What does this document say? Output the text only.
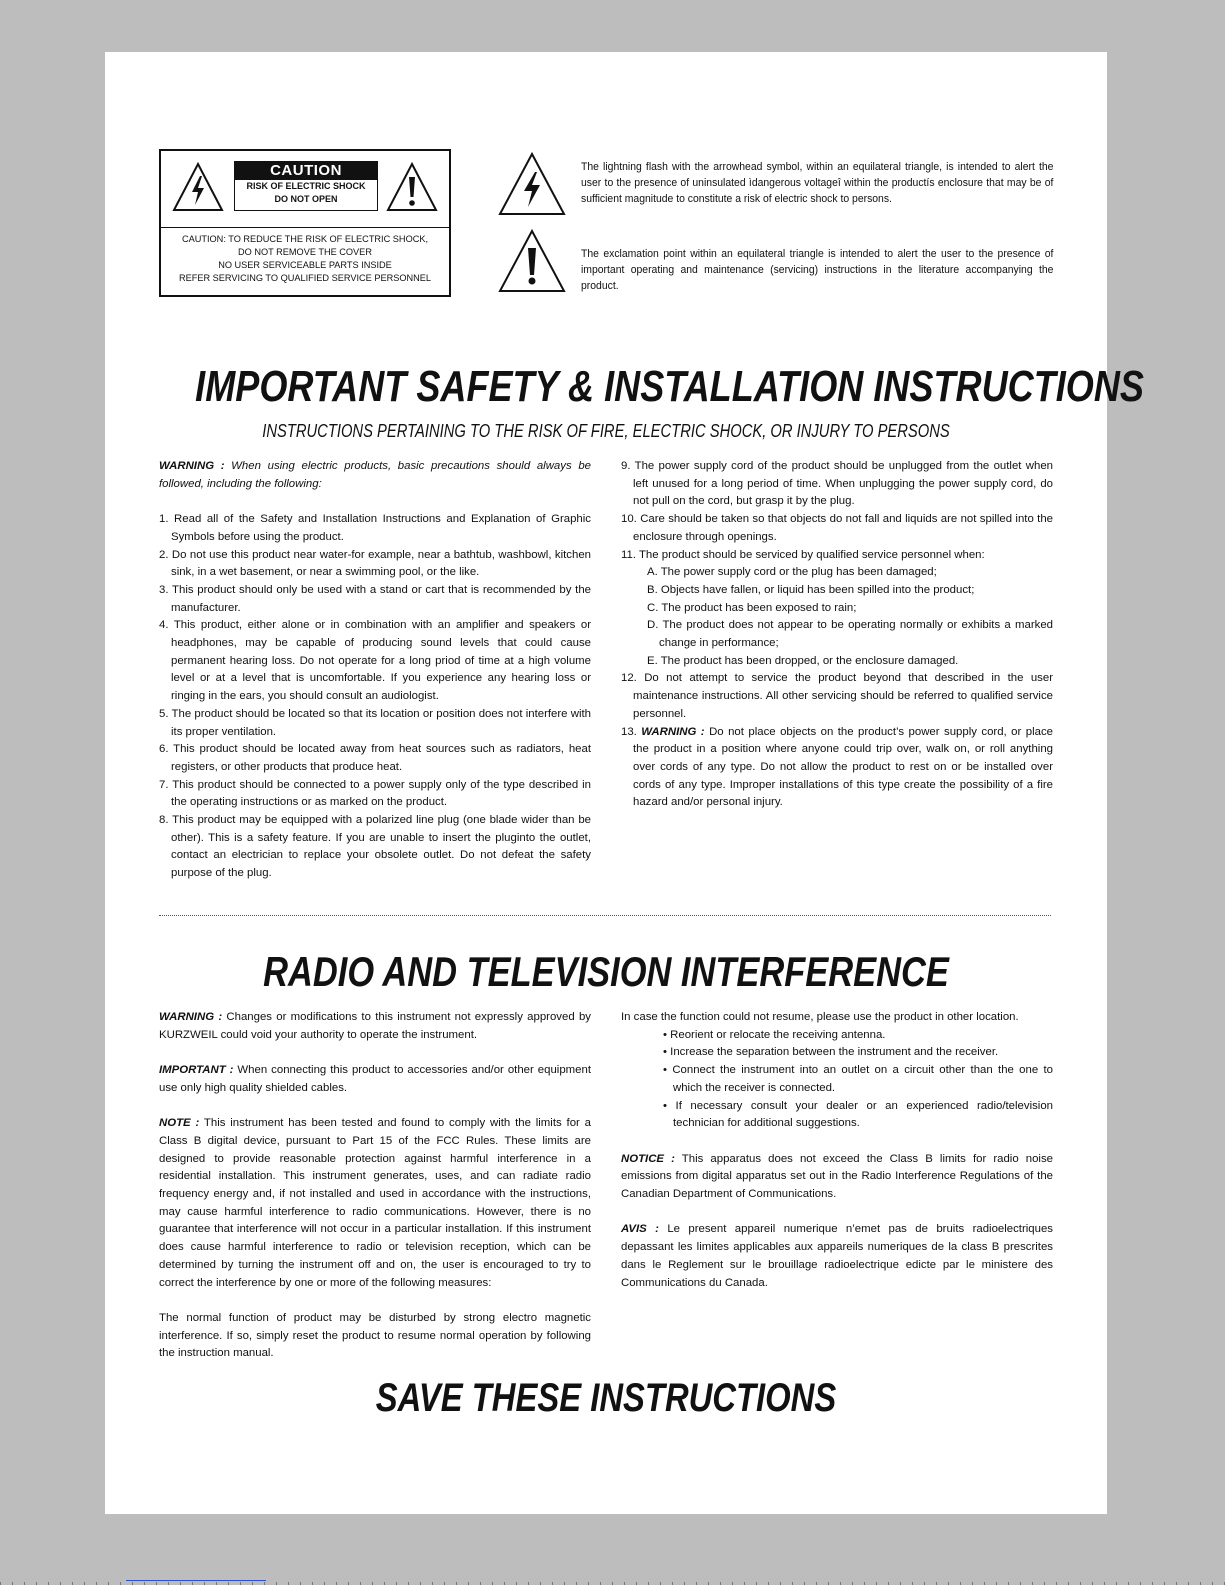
CAUTION
RISK OF ELECTRIC SHOCK
DO NOT OPEN
CAUTION: TO REDUCE THE RISK OF ELECTRIC SHOCK,
DO NOT REMOVE THE COVER
NO USER SERVICEABLE PARTS INSIDE
REFER SERVICING TO QUALIFIED SERVICE PERSONNEL
The lightning flash with the arrowhead symbol, within an equilateral triangle, is intended to alert the user to the presence of uninsulated ìdangerous voltageî within the productís enclosure that may be of sufficient magnitude to constitute a risk of electric shock to persons.
The exclamation point within an equilateral triangle is intended to alert the user to the presence of important operating and maintenance (servicing) instructions in the literature accompanying the product.
IMPORTANT SAFETY & INSTALLATION INSTRUCTIONS
INSTRUCTIONS PERTAINING TO THE RISK OF FIRE, ELECTRIC SHOCK, OR INJURY TO PERSONS

WARNING : When using electric products, basic precautions should always be followed, including the following:

1. Read all of the Safety and Installation Instructions and Explanation of Graphic Symbols before using the product.

2. Do not use this product near water-for example, near a bathtub, washbowl, kitchen sink, in a wet basement, or near a swimming pool, or the like.

3. This product should only be used with a stand or cart that is recommended by the manufacturer.

4. This product, either alone or in combination with an amplifier and speakers or headphones, may be capable of producing sound levels that could cause permanent hearing loss. Do not operate for a long priod of time at a high volume level or at a level that is uncomfortable. If you experience any hearing loss or ringing in the ears, you should consult an audiologist.

5. The product should be located so that its location or position does not interfere with its proper ventilation.

6. This product should be located away from heat sources such as radiators, heat registers, or other products that produce heat.

7. This product should be connected to a power supply only of the type described in the operating instructions or as marked on the product.

8. This product may be equipped with a polarized line plug (one blade wider than be other). This is a safety feature. If you are unable to insert the pluginto the outlet, contact an electrician to replace your obsolete outlet. Do not defeat the safety purpose of the plug.

9. The power supply cord of the product should be unplugged from the outlet when left unused for a long period of time. When unplugging the power supply cord, do not pull on the cord, but grasp it by the plug.

10. Care should be taken so that objects do not fall and liquids are not spilled into the enclosure through openings.

11. The product should be serviced by qualified service personnel when:

A. The power supply cord or the plug has been damaged;

B. Objects have fallen, or liquid has been spilled into the product;

C. The product has been exposed to rain;

D. The product does not appear to be operating normally or exhibits a marked change in performance;

E. The product has been dropped, or the enclosure damaged.

12. Do not attempt to service the product beyond that described in the user maintenance instructions. All other servicing should be referred to qualified service personnel.

13. WARNING : Do not place objects on the product’s power supply cord, or place the product in a position where anyone could trip over, walk on, or roll anything over cords of any type. Do not allow the product to rest on or be installed over cords of any type. Improper installations of this type create the possibility of a fire hazard and/or personal injury.

RADIO AND TELEVISION INTERFERENCE

WARNING : Changes or modifications to this instrument not expressly approved by KURZWEIL could void your authority to operate the instrument.

IMPORTANT : When connecting this product to accessories and/or other equipment use only high quality shielded cables.

NOTE : This instrument has been tested and found to comply with the limits for a Class B digital device, pursuant to Part 15 of the FCC Rules. These limits are designed to provide reasonable protection against harmful interference in a residential installation. This instrument generates, uses, and can radiate radio frequency energy and, if not installed and used in accordance with the instructions, may cause harmful interference to radio communications. However, there is no guarantee that interference will not occur in a particular installation. If this instrument does cause harmful interference to radio or television reception, which can be determined by turning the instrument off and on, the user is encouraged to try to correct the interference by one or more of the following measures:

In case the function could not resume, please use the product in other location.

• Reorient or relocate the receiving antenna.

• Increase the separation between the instrument and the receiver.

• Connect the instrument into an outlet on a circuit other than the one to which the receiver is connected.

• If necessary consult your dealer or an experienced radio/television technician for additional suggestions.

NOTICE : This apparatus does not exceed the Class B limits for radio noise emissions from digital apparatus set out in the Radio Interference Regulations of the Canadian Department of Communications.

AVIS : Le present appareil numerique n’emet pas de bruits radioelectriques depassant les limites applicables aux appareils numeriques de la class B prescrites dans le Reglement sur le brouillage radioelectrique edicte par le ministere des Communications du Canada.

The normal function of product may be disturbed by strong electro magnetic interference. If so, simply reset the product to resume normal operation by following the instruction manual.

SAVE THESE INSTRUCTIONS
